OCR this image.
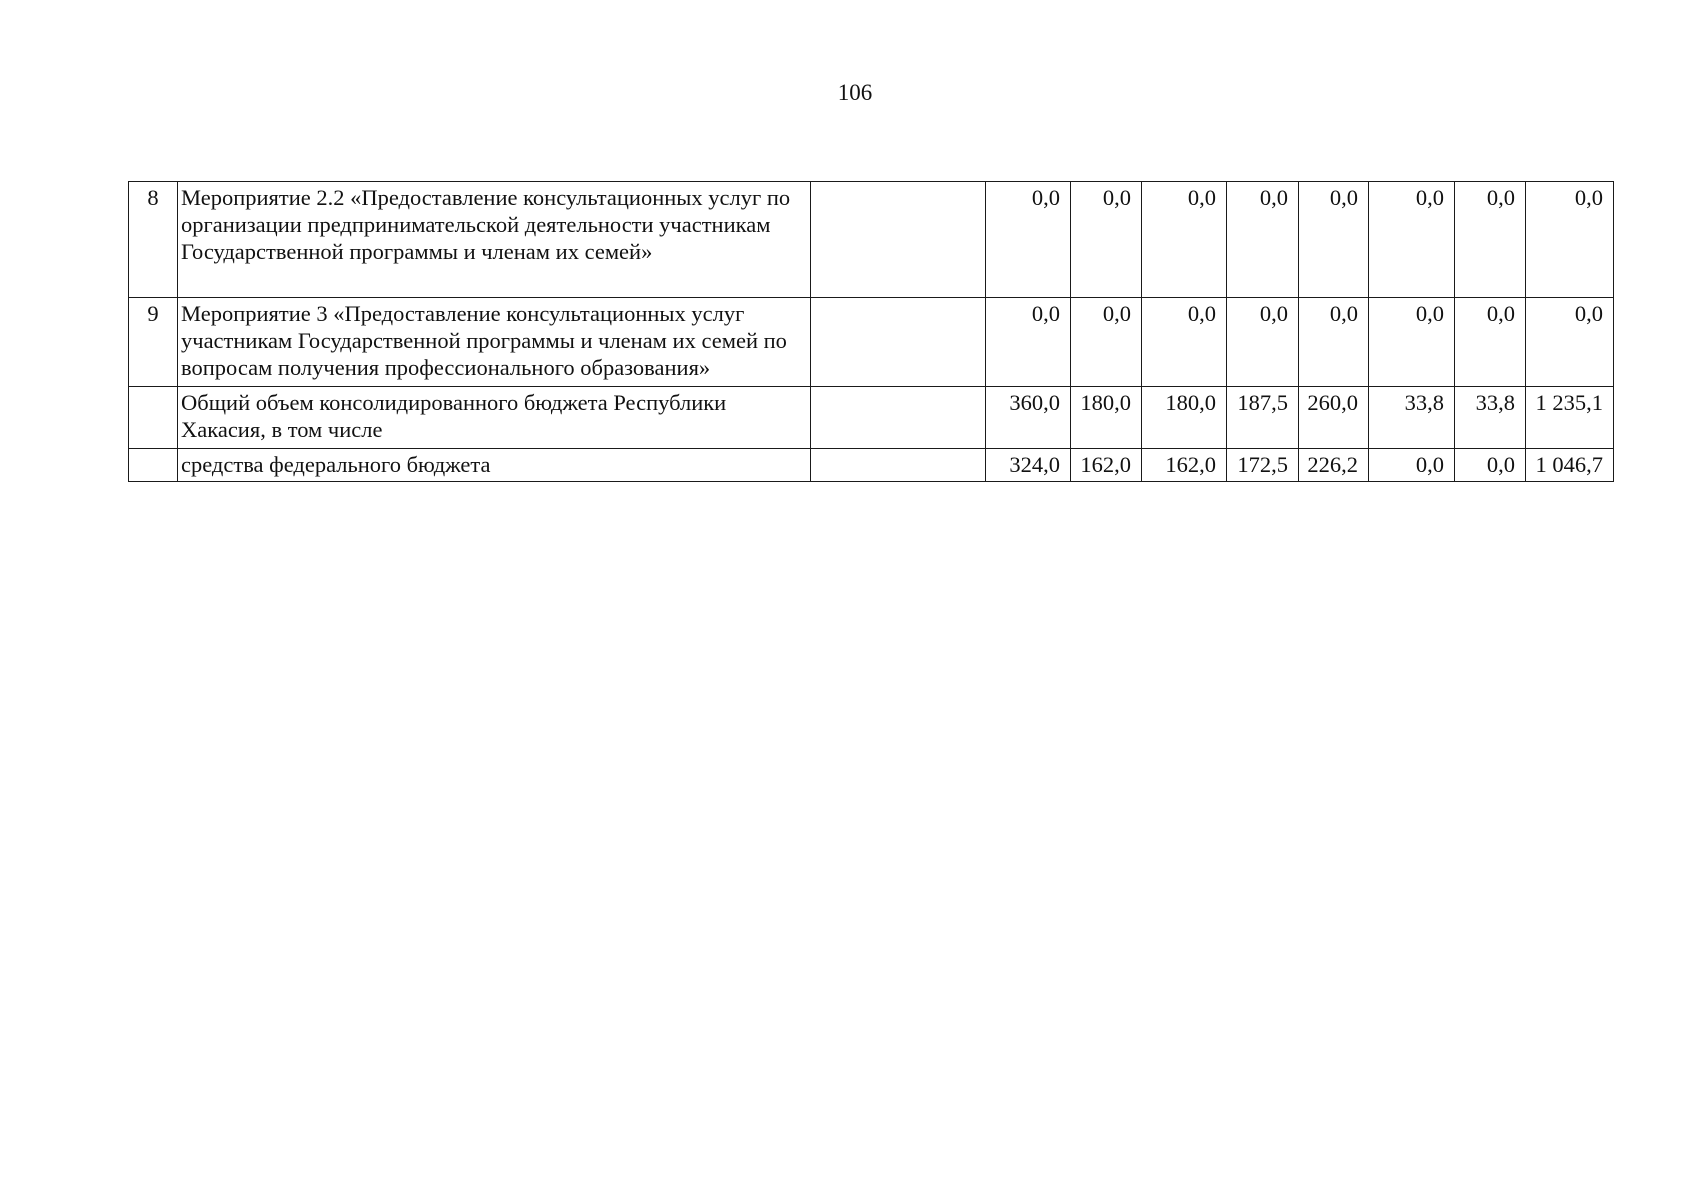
106
8	Мероприятие 2.2 «Предоставление консультационных услуг по организации предпринимательской деятельности участникам Государственной программы и членам их семей»		0,0	0,0	0,0	0,0	0,0	0,0	0,0	0,0
9	Мероприятие 3 «Предоставление консультационных услуг участникам Государственной программы и членам их семей по вопросам получения профессионального образования»		0,0	0,0	0,0	0,0	0,0	0,0	0,0	0,0
	Общий объем консолидированного бюджета Республики Хакасия, в том числе		360,0	180,0	180,0	187,5	260,0	33,8	33,8	1 235,1
	средства федерального бюджета		324,0	162,0	162,0	172,5	226,2	0,0	0,0	1 046,7
